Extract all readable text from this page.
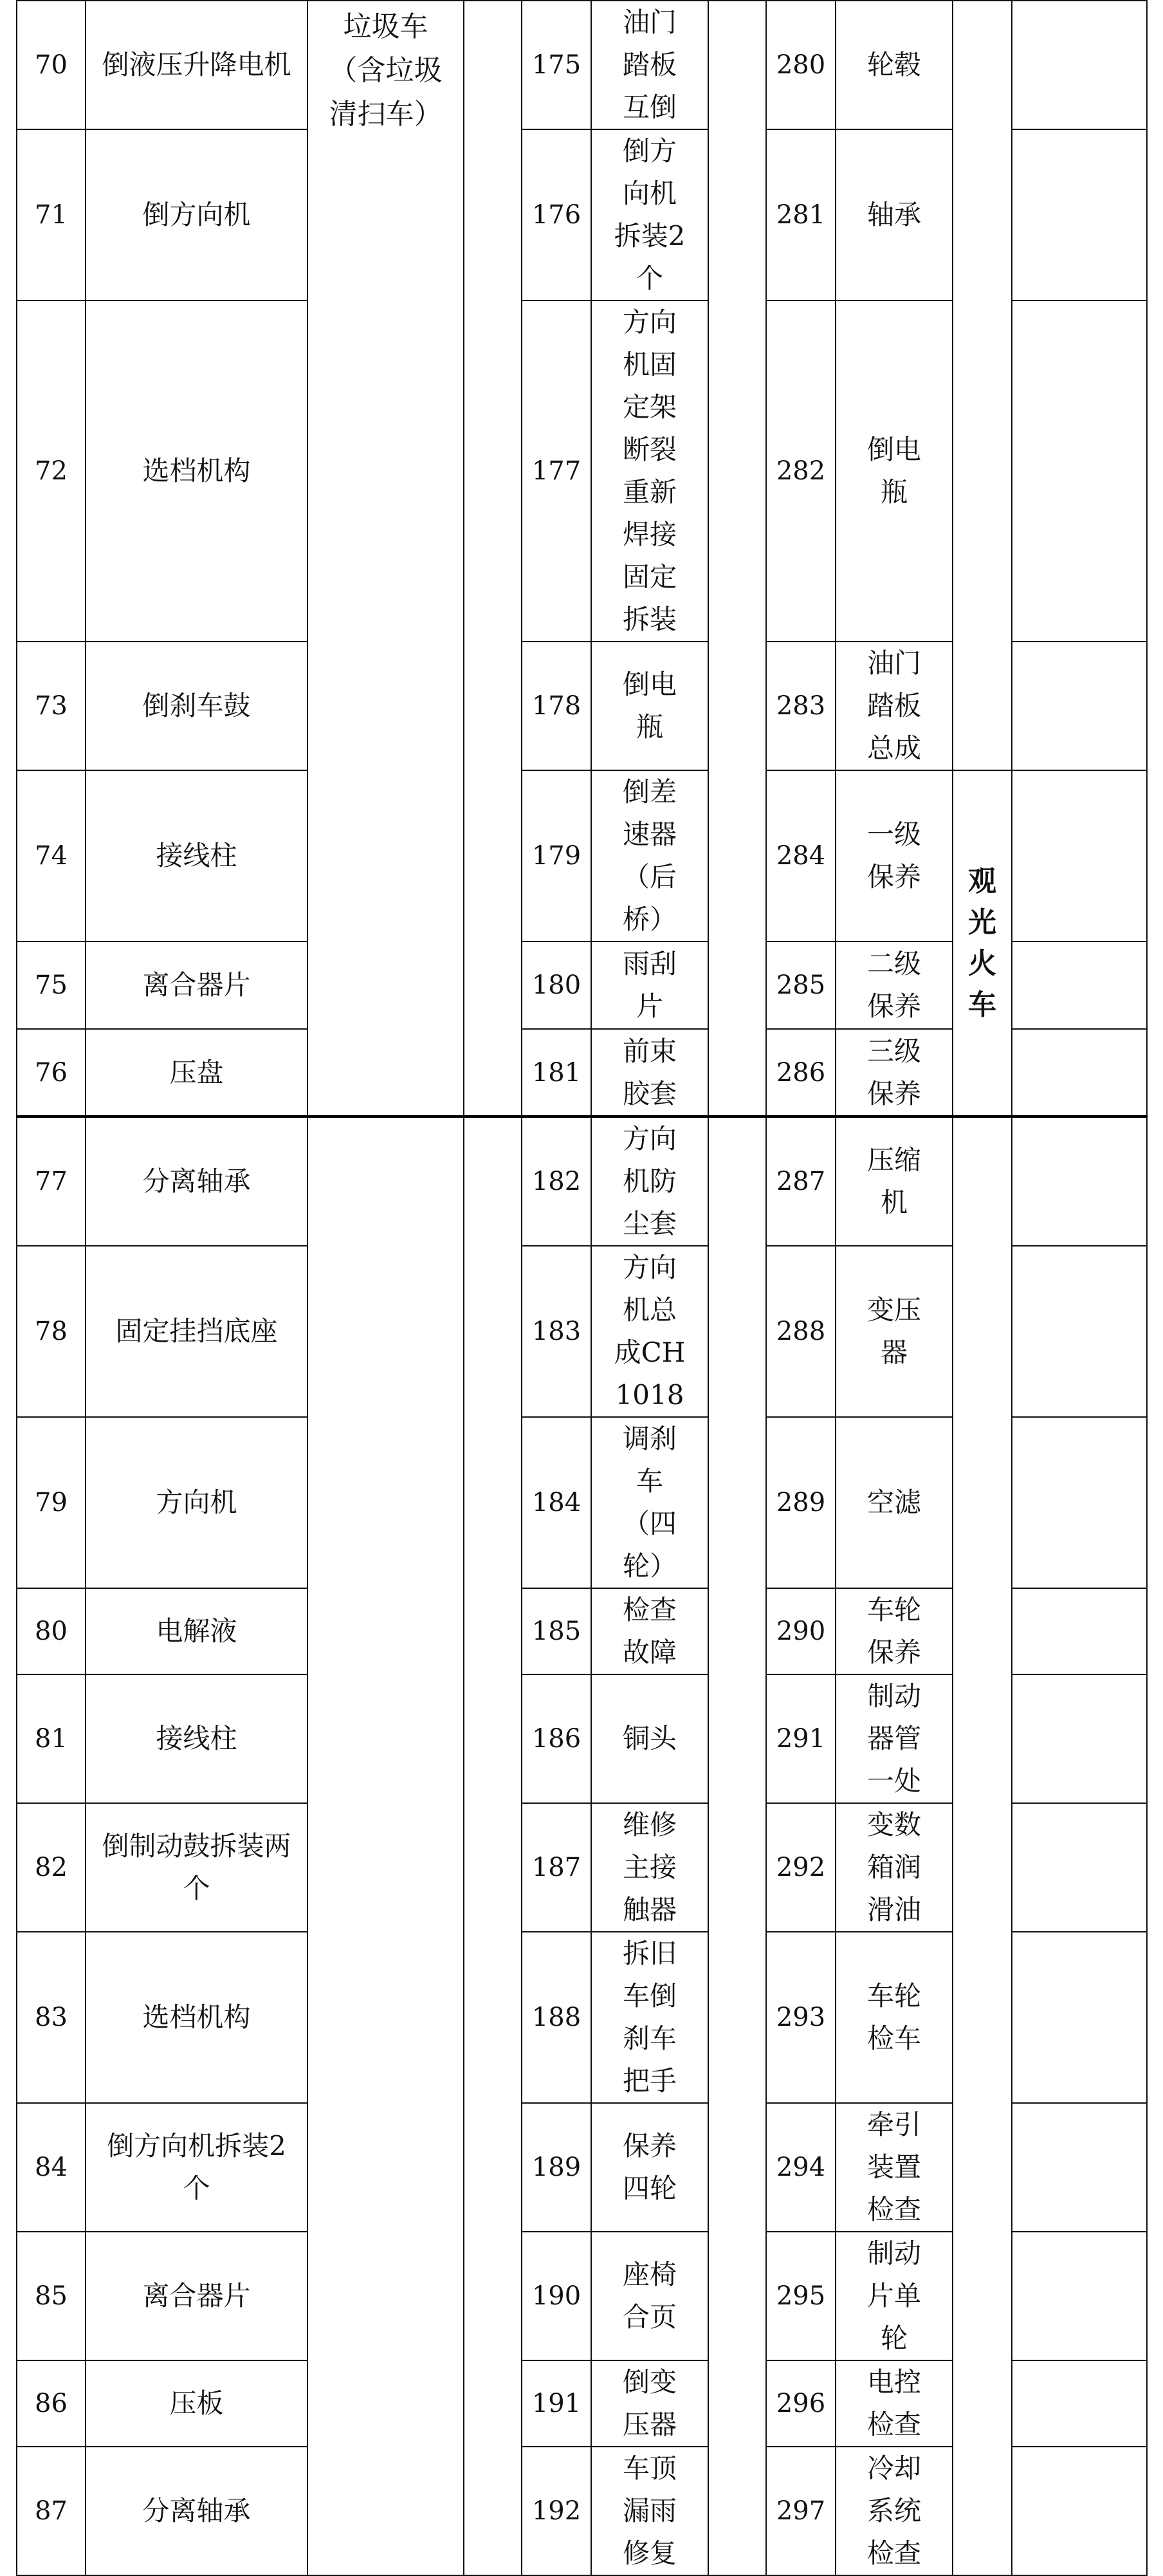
70	倒液压升降电机	垃圾车（含垃圾清扫车）		175	油门踏板互倒		280	轮毂		
71	倒方向机			176	倒方向机拆装2个		281	轴承		
72	选档机构			177	方向机固定架断裂重新焊接固定拆装		282	倒电瓶		
73	倒刹车鼓			178	倒电瓶		283	油门踏板总成		
74	接线柱			179	倒差速器（后桥）		284	一级保养	观光火车	
75	离合器片			180	雨刮片		285	二级保养		
76	压盘			181	前束胶套		286	三级保养		
77	分离轴承			182	方向机防尘套		287	压缩机		
78	固定挂挡底座			183	方向机总成CH1018		288	变压器		
79	方向机			184	调刹车（四轮）		289	空滤		
80	电解液			185	检查故障		290	车轮保养		
81	接线柱			186	铜头		291	制动器管一处		
82	倒制动鼓拆装两个			187	维修主接触器		292	变数箱润滑油		
83	选档机构			188	拆旧车倒刹车把手		293	车轮检车		
84	倒方向机拆装2个			189	保养四轮		294	牵引装置检查		
85	离合器片			190	座椅合页		295	制动片单轮		
86	压板			191	倒变压器		296	电控检查		
87	分离轴承			192	车顶漏雨修复		297	冷却系统检查		
